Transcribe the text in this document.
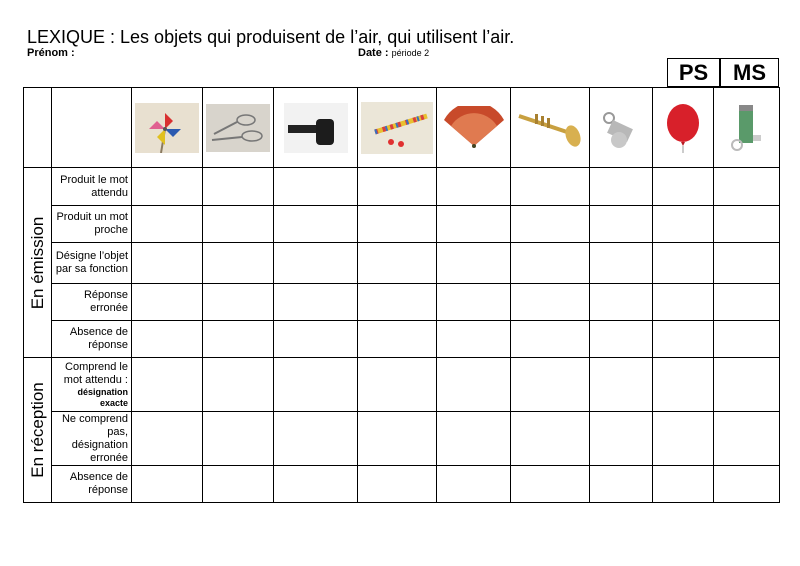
LEXIQUE : Les objets qui produisent de l’air, qui utilisent l’air.
Prénom :	Date : période 2
PS	MS

En émission	Produit le mot attendu									
	Produit un mot proche									
	Désigne l’objet par sa fonction									
	Réponse erronée									
	Absence de réponse									

En réception	Comprend le mot attendu :
désignation exacte									

	Ne comprend pas, désignation erronée									
	Absence de réponse									
